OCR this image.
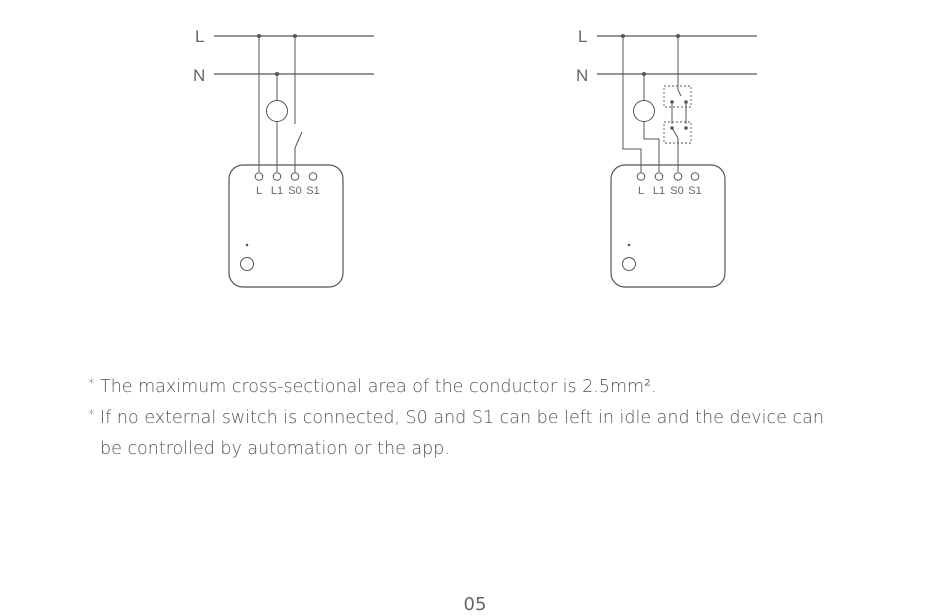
L
N
L L1 S0 S1
L
N
L L1 S0 S1
* The maximum cross-sectional area of the conductor is 2.5mm².
* If no external switch is connected, S0 and S1 can be left in idle and the device can be controlled by automation or the app.
05
